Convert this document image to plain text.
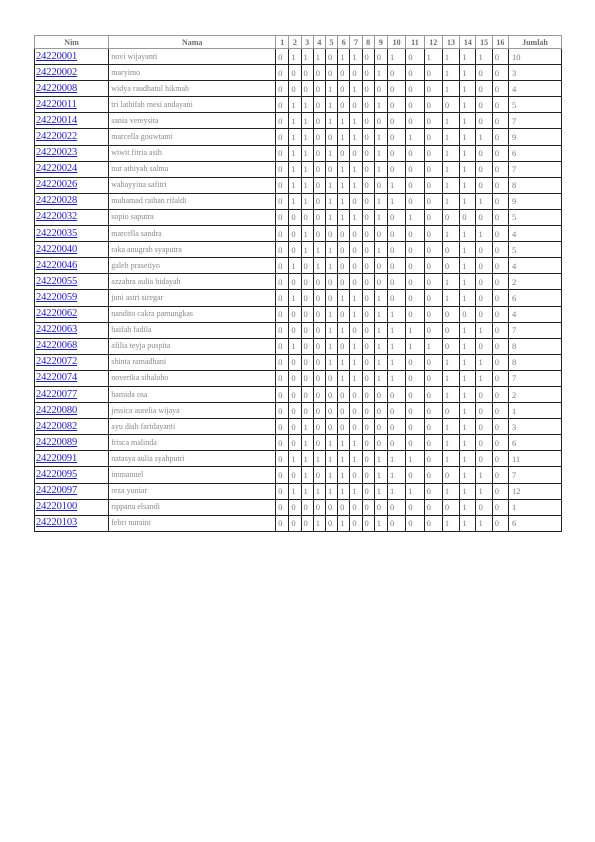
Nim	Nama	1	2	3	4	5	6	7	8	9	10	11	12	13	14	15	16	Jumlah
24220001	novi wijayanti	0	1	1	1	0	1	1	0	0	1	0	1	1	1	1	0	10
24220002	maryimo	0	0	0	0	0	0	0	0	1	0	0	0	1	1	0	0	3
24220008	widya raudhatul hikmah	0	0	0	0	1	0	1	0	0	0	0	0	1	1	0	0	4
24220011	tri lathifah mesi andayani	0	1	1	0	1	0	0	0	1	0	0	0	0	1	0	0	5
24220014	sania vereysita	0	1	1	0	1	1	1	0	0	0	0	0	1	1	0	0	7
24220022	marcella gouwtami	0	1	1	0	0	1	1	0	1	0	1	0	1	1	1	0	9
24220023	wiwit fitria asih	0	1	1	0	1	0	0	0	1	0	0	0	1	1	0	0	6
24220024	nur athiyah salma	0	1	1	0	0	1	1	0	1	0	0	0	1	1	0	0	7
24220026	wahayyina safitri	0	1	1	0	1	1	1	0	0	1	0	0	1	1	0	0	8
24220028	muhamad raihan rifaldi	0	1	1	0	1	1	0	0	1	1	0	0	1	1	1	0	9
24220032	sopio saputra	0	0	0	0	1	1	1	0	1	0	1	0	0	0	0	0	5
24220035	marcella sandra	0	0	1	0	0	0	0	0	0	0	0	0	1	1	1	0	4
24220040	raka anugrah syaputra	0	0	1	1	1	0	0	0	1	0	0	0	0	1	0	0	5
24220046	galeh prasetiyo	0	1	0	1	1	0	0	0	0	0	0	0	0	1	0	0	4
24220055	azzahra aulia hidayah	0	0	0	0	0	0	0	0	0	0	0	0	1	1	0	0	2
24220059	juni astri siregar	0	1	0	0	0	1	1	0	1	0	0	0	1	1	0	0	6
24220062	nandito cakra pamungkas	0	0	0	0	1	0	1	0	1	1	0	0	0	0	0	0	4
24220063	haifah fadila	0	0	0	0	1	1	0	0	1	1	1	0	0	1	1	0	7
24220068	afilia teyja puspita	0	1	0	0	1	0	1	0	1	1	1	1	0	1	0	0	8
24220072	shinta ramadhani	0	0	0	0	1	1	1	0	1	1	0	0	1	1	1	0	8
24220074	noverika sihaloho	0	0	0	0	0	1	1	0	1	1	0	0	1	1	1	0	7
24220077	hamida osa	0	0	0	0	0	0	0	0	0	0	0	0	1	1	0	0	2
24220080	jessica aurelia wijaya	0	0	0	0	0	0	0	0	0	0	0	0	0	1	0	0	1
24220082	ayu diah faridayanti	0	0	1	0	0	0	0	0	0	0	0	0	1	1	0	0	3
24220089	frisca malinda	0	0	1	0	1	1	1	0	0	0	0	0	1	1	0	0	6
24220091	natasya aulia syahputri	0	1	1	1	1	1	1	0	1	1	1	0	1	1	0	0	11
24220095	immanuel	0	0	1	0	1	1	0	0	1	1	0	0	0	1	1	0	7
24220097	reza yuniar	0	1	1	1	1	1	1	0	1	1	1	0	1	1	1	0	12
24220100	rippana elsandi	0	0	0	0	0	0	0	0	0	0	0	0	0	1	0	0	1
24220103	febri nuraini	0	0	0	1	0	1	0	0	1	0	0	0	1	1	1	0	6
